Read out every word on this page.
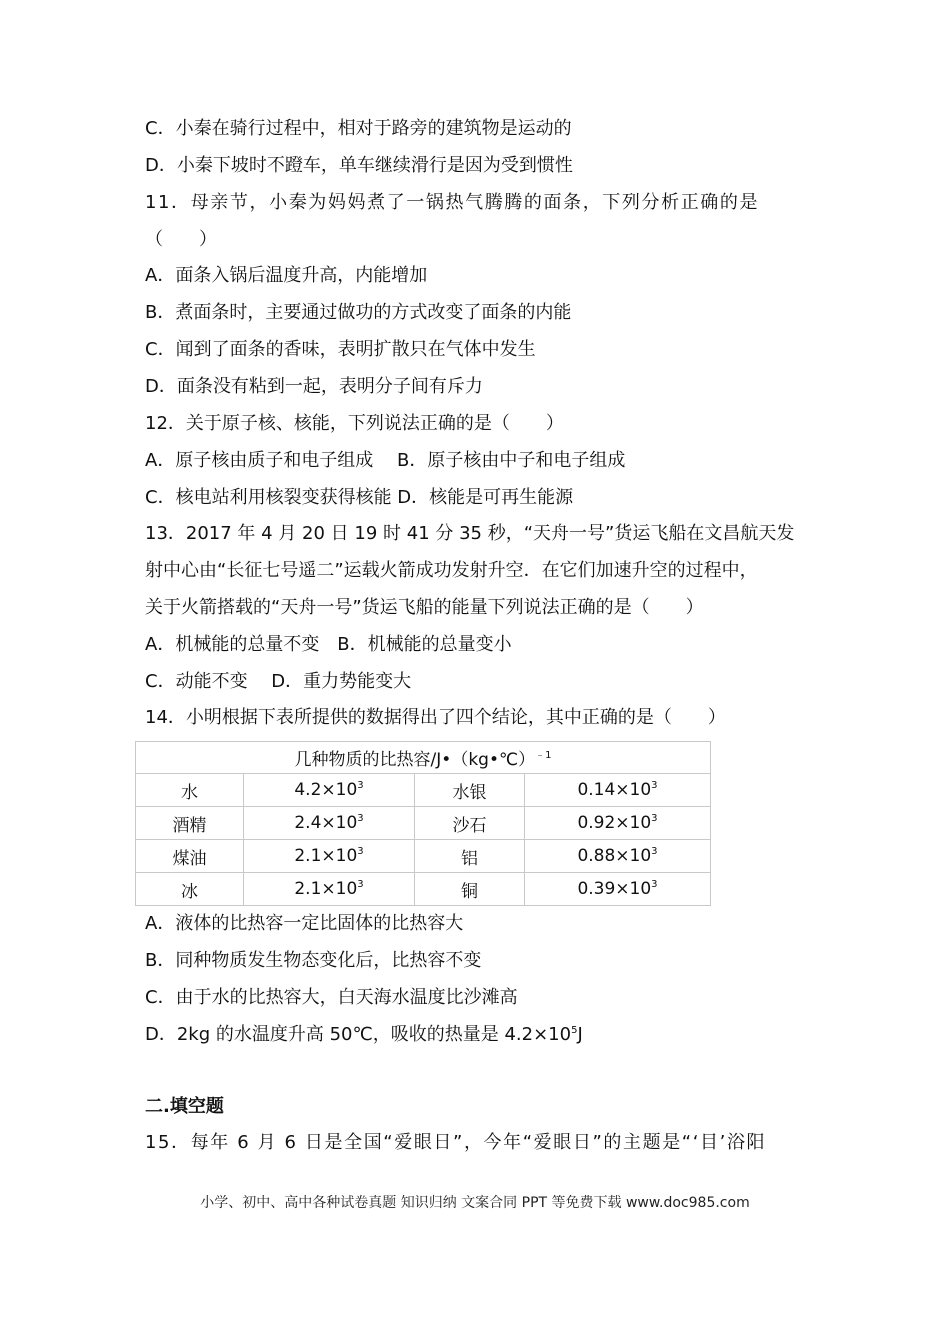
C．小秦在骑行过程中，相对于路旁的建筑物是运动的
D．小秦下坡时不蹬车，单车继续滑行是因为受到惯性
11．母亲节，小秦为妈妈煮了一锅热气腾腾的面条，下列分析正确的是
（　　）
A．面条入锅后温度升高，内能增加
B．煮面条时，主要通过做功的方式改变了面条的内能
C．闻到了面条的香味，表明扩散只在气体中发生
D．面条没有粘到一起，表明分子间有斥力
12．关于原子核、核能，下列说法正确的是（　　）
A．原子核由质子和电子组成　 B．原子核由中子和电子组成
C．核电站利用核裂变获得核能 D．核能是可再生能源
13．2017 年 4 月 20 日 19 时 41 分 35 秒，“天舟一号”货运飞船在文昌航天发
射中心由“长征七号遥二”运载火箭成功发射升空．在它们加速升空的过程中，
关于火箭搭载的“天舟一号”货运飞船的能量下列说法正确的是（　　）
A．机械能的总量不变　B．机械能的总量变小
C．动能不变　 D．重力势能变大
14．小明根据下表所提供的数据得出了四个结论，其中正确的是（　　）
几种物质的比热容/J•（kg•℃）$^{﹣1}$
水	$4.2\times 10^3$	水银	$0.14\times 10^3$
酒精	$2.4\times 10^3$	沙石	$0.92\times 10^3$
煤油	$2.1\times 10^3$	铝	$0.88\times 10^3$
冰	$2.1\times 10^3$	铜	$0.39\times 10^3$
A．液体的比热容一定比固体的比热容大
B．同种物质发生物态变化后，比热容不变
C．由于水的比热容大，白天海水温度比沙滩高
D．2kg 的水温度升高 50℃，吸收的热量是 $4.2\times 10^5J$
二.填空题
15．每年 6 月 6 日是全国“爱眼日”，今年“爱眼日”的主题是“‘目’浴阳
小学、初中、高中各种试卷真题 知识归纳 文案合同 PPT 等免费下载 www.doc985.com
